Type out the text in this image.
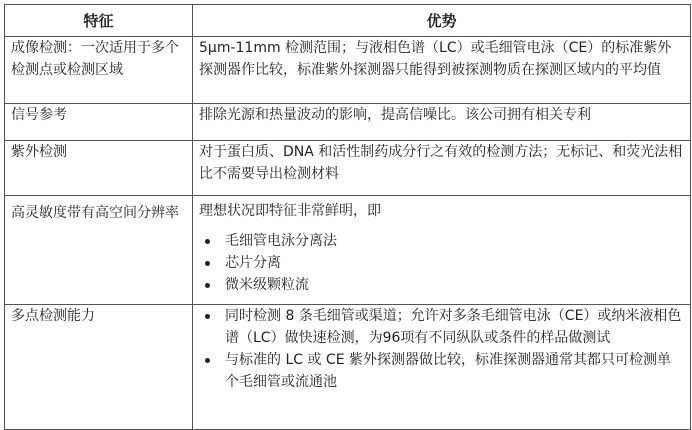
特征	优势
成像检测：一次适用于多个检测点或检测区域	5μm-11mm 检测范围；与液相色谱（LC）或毛细管电泳（CE）的标准紫外探测器作比较，标准紫外探测器只能得到被探测物质在探测区域内的平均值
信号参考	排除光源和热量波动的影响，提高信噪比。该公司拥有相关专利
紫外检测	对于蛋白质、DNA 和活性制药成分行之有效的检测方法；无标记、和荧光法相比不需要导出检测材料
高灵敏度带有高空间分辨率	理想状况即特征非常鲜明，即
毛细管电泳分离法
芯片分离
微米级颗粒流

多点检测能力	同时检测 8 条毛细管或渠道；允许对多条毛细管电泳（CE）或纳米液相色谱（LC）做快速检测，为96项有不同纵队或条件的样品做测试
与标准的 LC 或 CE 紫外探测器做比较，标准探测器通常其都只可检测单个毛细管或流通池
